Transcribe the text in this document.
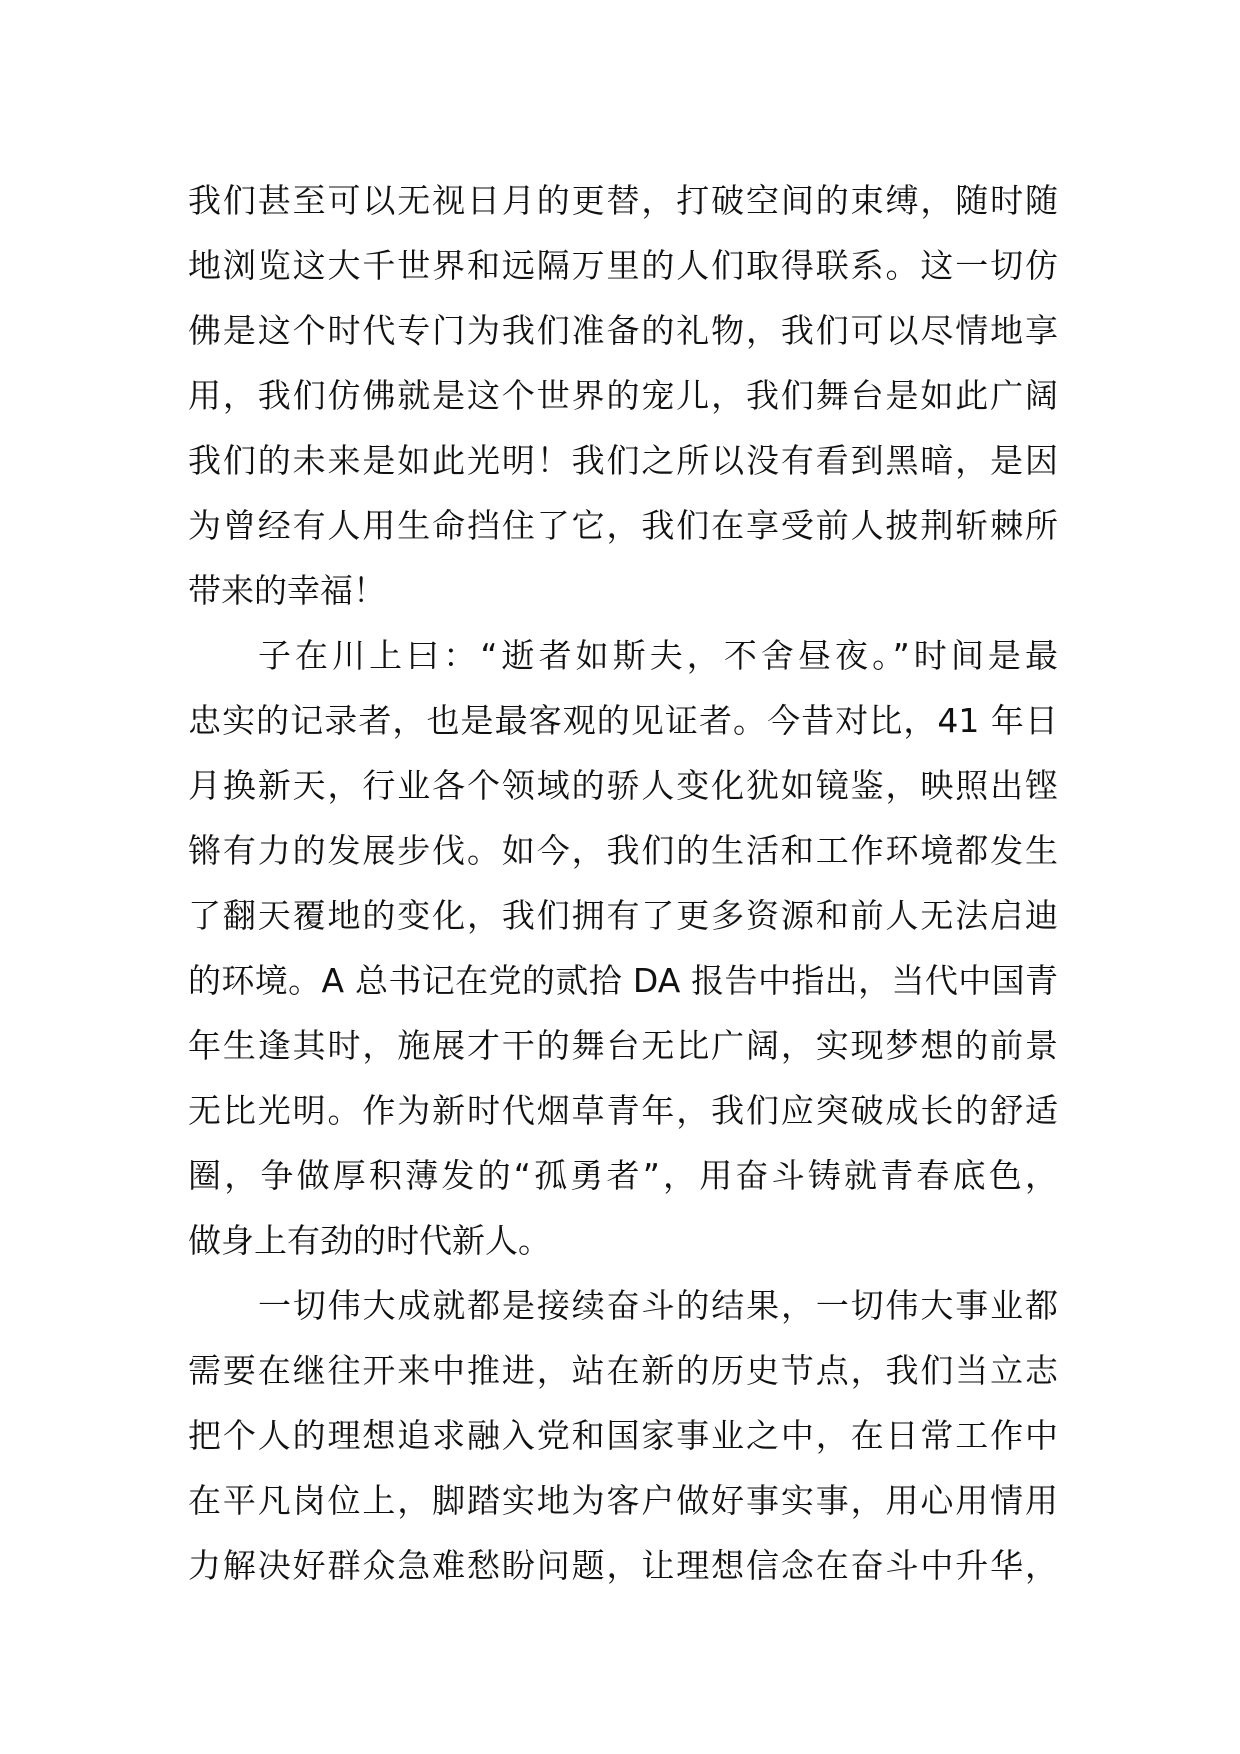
我们甚至可以无视日月的更替，打破空间的束缚，随时随
地浏览这大千世界和远隔万里的人们取得联系。这一切仿
佛是这个时代专门为我们准备的礼物，我们可以尽情地享
用，我们仿佛就是这个世界的宠儿，我们舞台是如此广阔
我们的未来是如此光明！我们之所以没有看到黑暗，是因
为曾经有人用生命挡住了它，我们在享受前人披荆斩棘所
带来的幸福！
子在川上曰：“逝者如斯夫，不舍昼夜。”时间是最
忠实的记录者，也是最客观的见证者。今昔对比，41 年日
月换新天，行业各个领域的骄人变化犹如镜鉴，映照出铿
锵有力的发展步伐。如今，我们的生活和工作环境都发生
了翻天覆地的变化，我们拥有了更多资源和前人无法启迪
的环境。A 总书记在党的贰拾 DA 报告中指出，当代中国青
年生逢其时，施展才干的舞台无比广阔，实现梦想的前景
无比光明。作为新时代烟草青年，我们应突破成长的舒适
圈，争做厚积薄发的“孤勇者”，用奋斗铸就青春底色，
做身上有劲的时代新人。
一切伟大成就都是接续奋斗的结果，一切伟大事业都
需要在继往开来中推进，站在新的历史节点，我们当立志
把个人的理想追求融入党和国家事业之中，在日常工作中
在平凡岗位上，脚踏实地为客户做好事实事，用心用情用
力解决好群众急难愁盼问题，让理想信念在奋斗中升华，
